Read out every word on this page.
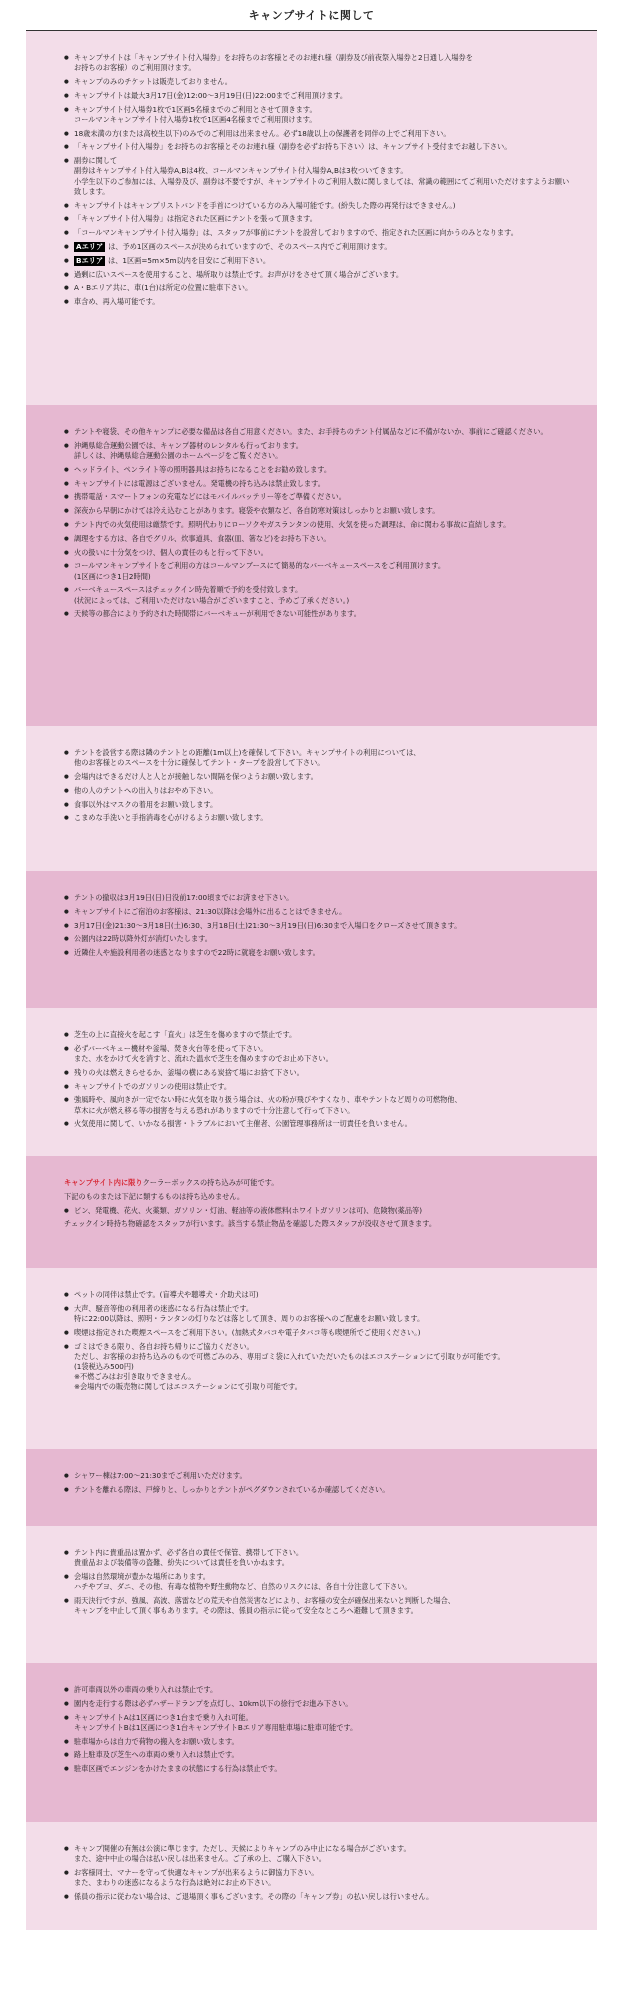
キャンプサイトに関して
● キャンプサイトは「キャンプサイト付入場券」をお持ちのお客様とそのお連れ様（副券及び前夜祭入場券と2日通し入場券を
お持ちのお客様）のご利用頂けます。
● キャンプのみのチケットは販売しておりません。
● キャンプサイトは最大3月17日(金)12:00〜3月19日(日)22:00までご利用頂けます。
● キャンプサイト付入場券1枚で1区画5名様までのご利用とさせて頂きます。
コールマンキャンプサイト付入場券1枚で1区画4名様までご利用頂けます。
● 18歳未満の方(または高校生以下)のみでのご利用は出来ません。必ず18歳以上の保護者を同伴の上でご利用下さい。
● 「キャンプサイト付入場券」をお持ちのお客様とそのお連れ様（副券を必ずお持ち下さい）は、キャンプサイト受付までお越し下さい。
● 副券に関して
副券はキャンプサイト付入場券A,Bは4枚、コールマンキャンプサイト付入場券A,Bは3枚ついてきます。
小学生以下のご参加には、入場券及び、副券は不要ですが、キャンプサイトのご利用人数に関しましては、常識の範囲にてご利用いただけますようお願い致します。
● キャンプサイトはキャンプリストバンドを手首につけている方のみ入場可能です。(紛失した際の再発行はできません。)
● 「キャンプサイト付入場券」は指定された区画にテントを張って頂きます。
● 「コールマンキャンプサイト付入場券」は、スタッフが事前にテントを設営しておりますので、指定された区画に向かうのみとなります。
● Aエリア は、予め1区画のスペースが決められていますので、そのスペース内でご利用頂けます。
● Bエリア は、1区画=5m×5m以内を目安にご利用下さい。
● 過剰に広いスペースを使用すること、場所取りは禁止です。お声がけをさせて頂く場合がございます。
● A・Bエリア共に、車(1台)は所定の位置に駐車下さい。
● 車含め、再入場可能です。
● テントや寝袋、その他キャンプに必要な備品は各自ご用意ください。また、お手持ちのテント付属品などに不備がないか、事前にご確認ください。
● 沖縄県総合運動公園では、キャンプ器材のレンタルも行っております。
詳しくは、沖縄県総合運動公園のホームページをご覧ください。
● ヘッドライト、ペンライト等の照明器具はお持ちになることをお勧め致します。
● キャンプサイトには電源はございません。発電機の持ち込みは禁止致します。
● 携帯電話・スマートフォンの充電などにはモバイルバッテリー等をご準備ください。
● 深夜から早朝にかけては冷え込むことがあります。寝袋や衣類など、各自防寒対策はしっかりとお願い致します。
● テント内での火気使用は厳禁です。照明代わりにローソクやガスランタンの使用、火気を使った調理は、命に関わる事故に直結します。
● 調理をする方は、各自でグリル、炊事道具、食器(皿、箸など)をお持ち下さい。
● 火の扱いに十分気をつけ、個人の責任のもと行って下さい。
● コールマンキャンプサイトをご利用の方はコールマンブースにて簡易的なバーベキュースペースをご利用頂けます。
(1区画につき1日2時間)
● バーベキュースペースはチェックイン時先着順で予約を受付致します。
(状況によっては、ご利用いただけない場合がございますこと、予めご了承ください。)
● 天候等の都合により予約された時間帯にバーベキューが利用できない可能性があります。
● テントを設営する際は隣のテントとの距離(1m以上)を確保して下さい。キャンプサイトの利用については、
他のお客様とのスペースを十分に確保してテント・タープを設営して下さい。
● 会場内はできるだけ人と人とが接触しない間隔を保つようお願い致します。
● 他の人のテントへの出入りはおやめ下さい。
● 食事以外はマスクの着用をお願い致します。
● こまめな手洗いと手指消毒を心がけるようお願い致します。
● テントの撤収は3月19日(日)日没前17:00頃までにお済ませ下さい。
● キャンプサイトにご宿泊のお客様は、21:30以降は会場外に出ることはできません。
● 3月17日(金)21:30〜3月18日(土)6:30、3月18日(土)21:30〜3月19日(日)6:30まで入場口をクローズさせて頂きます。
● 公園内は22時以降外灯が消灯いたします。
● 近隣住人や施設利用者の迷惑となりますので22時に就寝をお願い致します。
● 芝生の上に直接火を起こす「直火」は芝生を傷めますので禁止です。
● 必ずバーベキュー機材や釜場、焚き火台等を使って下さい。
また、水をかけて火を消すと、流れた温水で芝生を傷めますのでお止め下さい。
● 残りの火は燃えきらせるか、釜場の横にある炭捨て場にお捨て下さい。
● キャンプサイトでのガソリンの使用は禁止です。
● 強風時や、風向きが一定でない時に火気を取り扱う場合は、火の粉が飛びやすくなり、車やテントなど周りの可燃物他、
草木に火が燃え移る等の損害を与える恐れがありますので十分注意して行って下さい。
● 火気使用に関して、いかなる損害・トラブルにおいて主催者、公園管理事務所は一切責任を負いません。

キャンプサイト内に限りクーラーボックスの持ち込みが可能です。

下記のものまたは下記に類するものは持ち込めません。

● ビン、発電機、花火、火薬類、ガソリン・灯油、軽油等の液体燃料(ホワイトガソリンは可)、危険物(薬品等)

チェックイン時持ち物確認をスタッフが行います。該当する禁止物品を確認した際スタッフが没収させて頂きます。

● ペットの同伴は禁止です。(盲導犬や聴導犬・介助犬は可)
● 大声、騒音等他の利用者の迷惑になる行為は禁止です。
特に22:00以降は、照明・ランタンの灯りなどは落として頂き、周りのお客様へのご配慮をお願い致します。
● 喫煙は指定された喫煙スペースをご利用下さい。(加熱式タバコや電子タバコ等も喫煙所でご使用ください。)
● ゴミはできる限り、各自お持ち帰りにご協力ください。
ただし、お客様のお持ち込みのもので可燃ごみのみ、専用ゴミ袋に入れていただいたものはエコステーションにて引取りが可能です。
(1袋税込み500円)
※不燃ごみはお引き取りできません。
※会場内での販売物に関してはエコステーションにて引取り可能です。
● シャワー棟は7:00〜21:30までご利用いただけます。
● テントを離れる際は、戸締りと、しっかりとテントがペグダウンされているか確認してください。
● テント内に貴重品は置かず、必ず各自の責任で保管、携帯して下さい。
貴重品および装備等の盗難、紛失については責任を負いかねます。
● 会場は自然環境が豊かな場所にあります。
ハチやブヨ、ダニ、その他、有毒な植物や野生動物など、自然のリスクには、各自十分注意して下さい。
● 雨天決行ですが、強風、高波、落雷などの荒天や自然災害などにより、お客様の安全が確保出来ないと判断した場合、
キャンプを中止して頂く事もあります。その際は、係員の指示に従って安全なところへ避難して頂きます。
● 許可車両以外の車両の乗り入れは禁止です。
● 園内を走行する際は必ずハザードランプを点灯し、10km以下の徐行でお進み下さい。
● キャンプサイトAは1区画につき1台まで乗り入れ可能。
キャンプサイトBは1区画につき1台キャンプサイトBエリア専用駐車場に駐車可能です。
● 駐車場からは自力で荷物の搬入をお願い致します。
● 路上駐車及び芝生への車両の乗り入れは禁止です。
● 駐車区画でエンジンをかけたままの状態にする行為は禁止です。
● キャンプ開催の有無は公演に準じます。ただし、天候によりキャンプのみ中止になる場合がございます。
また、途中中止の場合は払い戻しは出来ません。ご了承の上、ご購入下さい。
● お客様同士、マナーを守って快適なキャンプが出来るように御協力下さい。
また、まわりの迷惑になるような行為は絶対にお止め下さい。
● 係員の指示に従わない場合は、ご退場頂く事もございます。その際の「キャンプ券」の払い戻しは行いません。
